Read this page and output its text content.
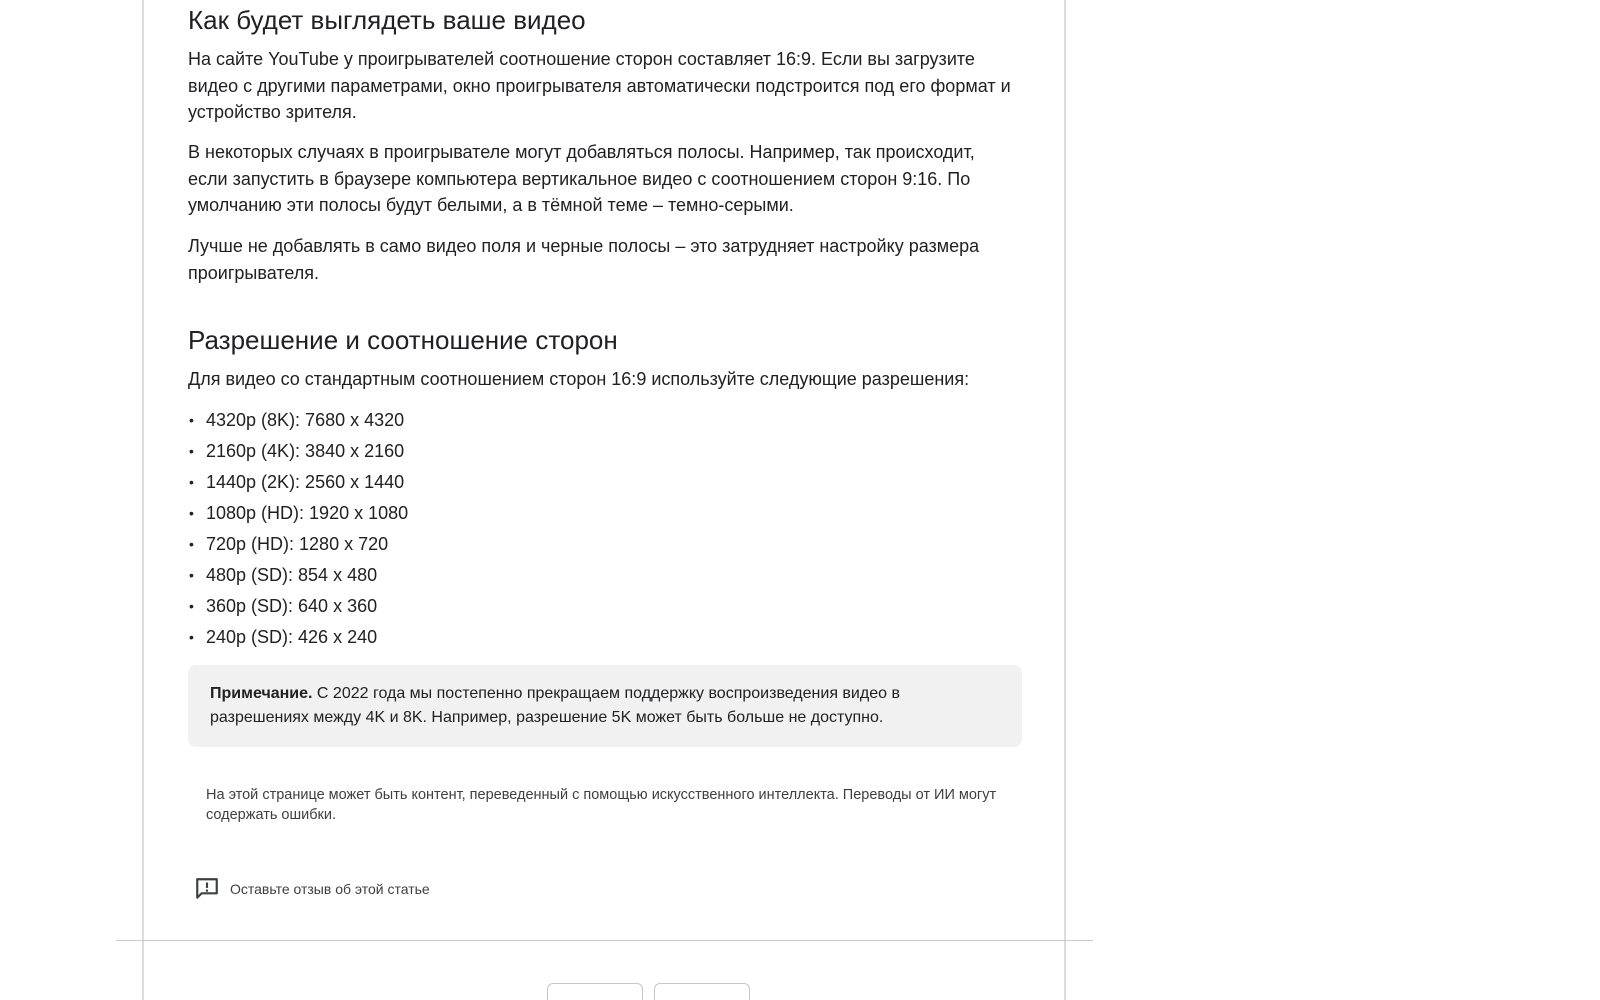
Как будет выглядеть ваше видео

На сайте YouTube у проигрывателей соотношение сторон составляет 16:9. Если вы загрузите видео с другими параметрами, окно проигрывателя автоматически подстроится под его формат и устройство зрителя.

В некоторых случаях в проигрывателе могут добавляться полосы. Например, так происходит, если запустить в браузере компьютера вертикальное видео с соотношением сторон 9:16. По умолчанию эти полосы будут белыми, а в тёмной теме – темно-серыми.

Лучше не добавлять в само видео поля и черные полосы – это затрудняет настройку размера проигрывателя.

Разрешение и соотношение сторон

Для видео со стандартным соотношением сторон 16:9 используйте следующие разрешения:

• 4320p (8K): 7680 x 4320
• 2160p (4K): 3840 x 2160
• 1440p (2K): 2560 x 1440
• 1080p (HD): 1920 x 1080
• 720p (HD): 1280 x 720
• 480p (SD): 854 x 480
• 360p (SD): 640 x 360
• 240p (SD): 426 x 240
Примечание. С 2022 года мы постепенно прекращаем поддержку воспроизведения видео в разрешениях между 4K и 8K. Например, разрешение 5K может быть больше не доступно.
На этой странице может быть контент, переведенный с помощью искусственного интеллекта. Переводы от ИИ могут содержать ошибки.
Оставьте отзыв об этой статье
